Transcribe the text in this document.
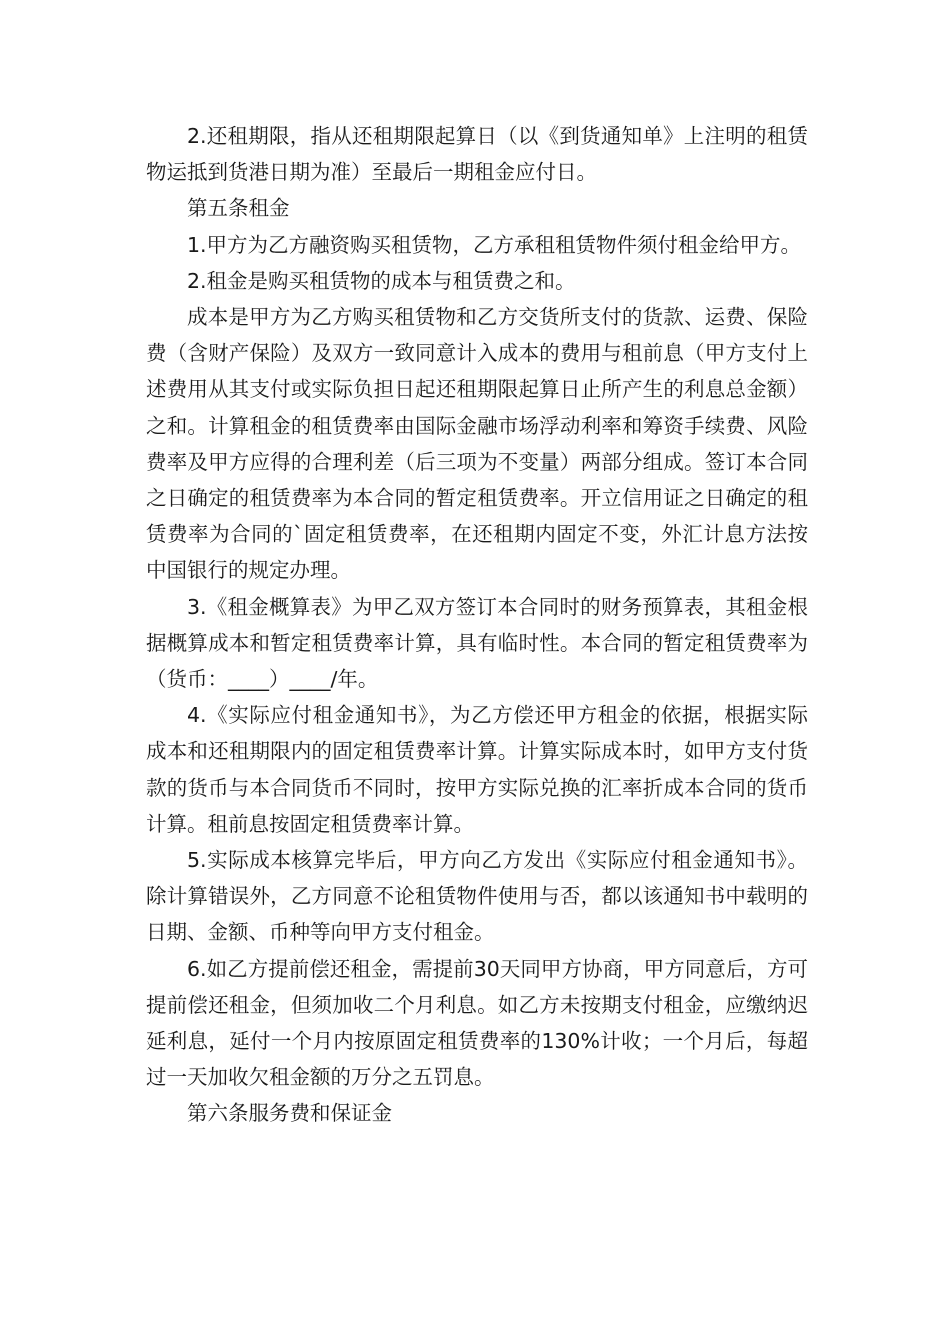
2.还租期限，指从还租期限起算日（以《到货通知单》上注明的租赁物运抵到货港日期为准）至最后一期租金应付日。

第五条租金

1.甲方为乙方融资购买租赁物，乙方承租租赁物件须付租金给甲方。

2.租金是购买租赁物的成本与租赁费之和。

成本是甲方为乙方购买租赁物和乙方交货所支付的货款、运费、保险费（含财产保险）及双方一致同意计入成本的费用与租前息（甲方支付上述费用从其支付或实际负担日起还租期限起算日止所产生的利息总金额）之和。计算租金的租赁费率由国际金融市场浮动利率和筹资手续费、风险费率及甲方应得的合理利差（后三项为不变量）两部分组成。签订本合同之日确定的租赁费率为本合同的暂定租赁费率。开立信用证之日确定的租赁费率为合同的`固定租赁费率，在还租期内固定不变，外汇计息方法按中国银行的规定办理。

3.《租金概算表》为甲乙双方签订本合同时的财务预算表，其租金根据概算成本和暂定租赁费率计算，具有临时性。本合同的暂定租赁费率为（货币：____）____/年。

4.《实际应付租金通知书》，为乙方偿还甲方租金的依据，根据实际成本和还租期限内的固定租赁费率计算。计算实际成本时，如甲方支付货款的货币与本合同货币不同时，按甲方实际兑换的汇率折成本合同的货币计算。租前息按固定租赁费率计算。

5.实际成本核算完毕后，甲方向乙方发出《实际应付租金通知书》。除计算错误外，乙方同意不论租赁物件使用与否，都以该通知书中载明的日期、金额、币种等向甲方支付租金。

6.如乙方提前偿还租金，需提前30天同甲方协商，甲方同意后，方可提前偿还租金，但须加收二个月利息。如乙方未按期支付租金，应缴纳迟延利息，延付一个月内按原固定租赁费率的130%计收；一个月后，每超过一天加收欠租金额的万分之五罚息。

第六条服务费和保证金
